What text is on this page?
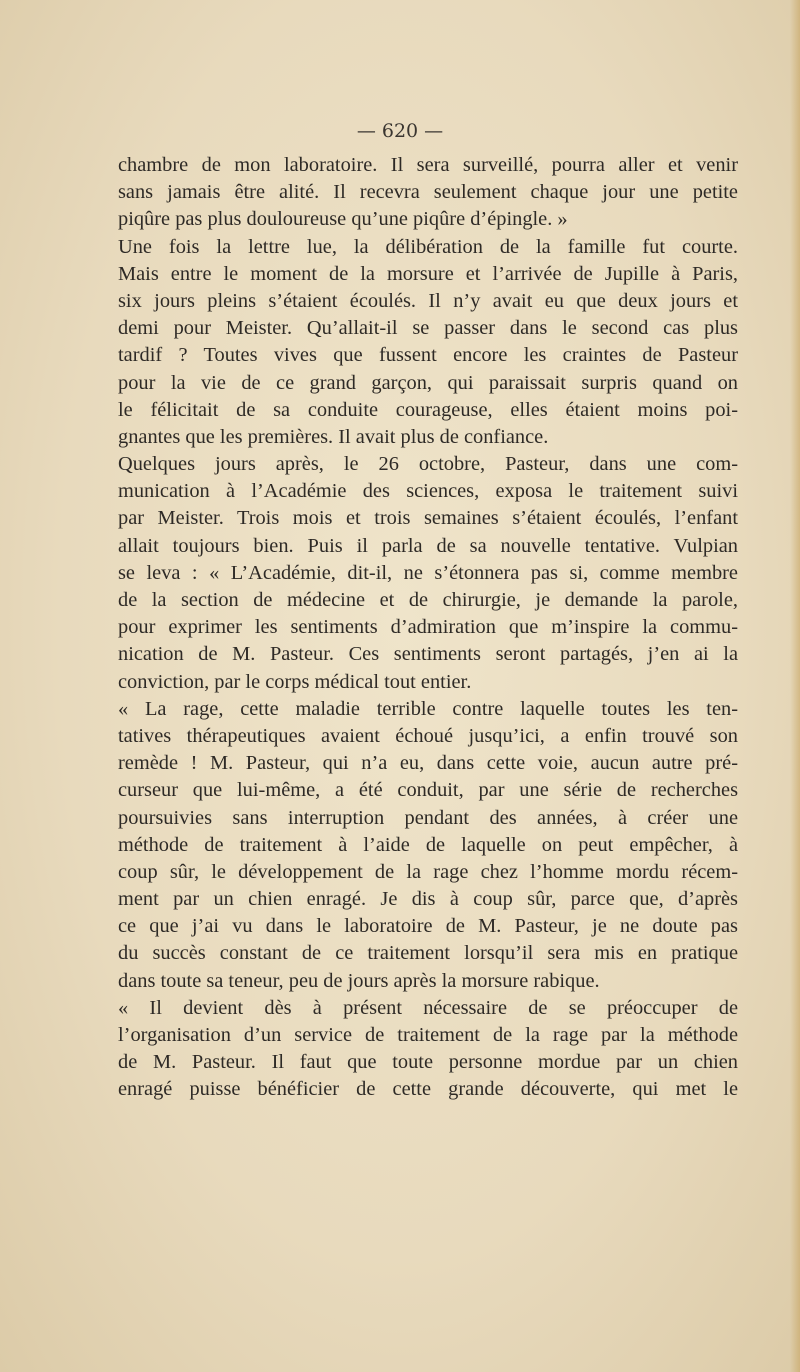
— 620 —
chambre de mon laboratoire. Il sera surveillé, pourra aller et venir
sans jamais être alité. Il recevra seulement chaque jour une petite
piqûre pas plus douloureuse qu’une piqûre d’épingle. »
Une fois la lettre lue, la délibération de la famille fut courte.
Mais entre le moment de la morsure et l’arrivée de Jupille à Paris,
six jours pleins s’étaient écoulés. Il n’y avait eu que deux jours et
demi pour Meister. Qu’allait-il se passer dans le second cas plus
tardif ? Toutes vives que fussent encore les craintes de Pasteur
pour la vie de ce grand garçon, qui paraissait surpris quand on
le félicitait de sa conduite courageuse, elles étaient moins poi-
gnantes que les premières. Il avait plus de confiance.
Quelques jours après, le 26 octobre, Pasteur, dans une com-
munication à l’Académie des sciences, exposa le traitement suivi
par Meister. Trois mois et trois semaines s’étaient écoulés, l’enfant
allait toujours bien. Puis il parla de sa nouvelle tentative. Vulpian
se leva : « L’Académie, dit-il, ne s’étonnera pas si, comme membre
de la section de médecine et de chirurgie, je demande la parole,
pour exprimer les sentiments d’admiration que m’inspire la commu-
nication de M. Pasteur. Ces sentiments seront partagés, j’en ai la
conviction, par le corps médical tout entier.
« La rage, cette maladie terrible contre laquelle toutes les ten-
tatives thérapeutiques avaient échoué jusqu’ici, a enfin trouvé son
remède ! M. Pasteur, qui n’a eu, dans cette voie, aucun autre pré-
curseur que lui-même, a été conduit, par une série de recherches
poursuivies sans interruption pendant des années, à créer une
méthode de traitement à l’aide de laquelle on peut empêcher, à
coup sûr, le développement de la rage chez l’homme mordu récem-
ment par un chien enragé. Je dis à coup sûr, parce que, d’après
ce que j’ai vu dans le laboratoire de M. Pasteur, je ne doute pas
du succès constant de ce traitement lorsqu’il sera mis en pratique
dans toute sa teneur, peu de jours après la morsure rabique.
« Il devient dès à présent nécessaire de se préoccuper de
l’organisation d’un service de traitement de la rage par la méthode
de M. Pasteur. Il faut que toute personne mordue par un chien
enragé puisse bénéficier de cette grande découverte, qui met le
